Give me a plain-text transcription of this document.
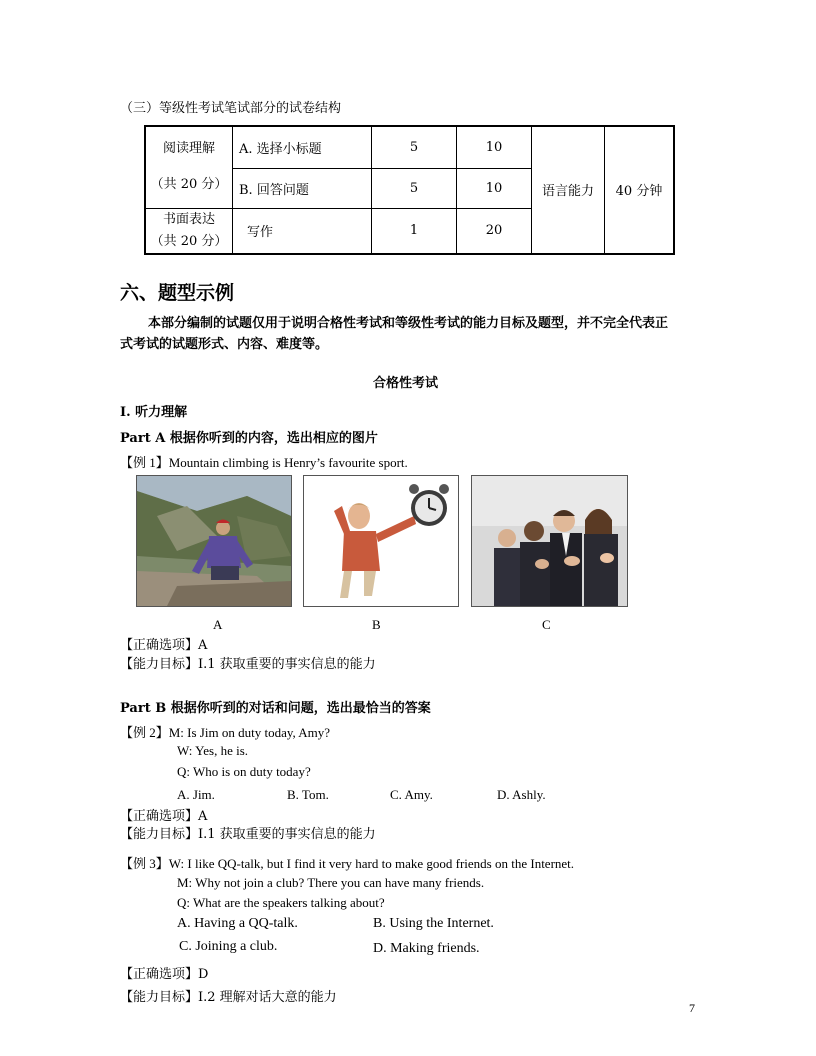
（三）等级性考试笔试部分的试卷结构
阅读理解
（共 20 分）	A. 选择小标题	5	10	语言能力	40 分钟
	B. 回答问题	5	10		

书面表达
（共 20 分）	写作	1	20		
六、题型示例
本部分编制的试题仅用于说明合格性考试和等级性考试的能力目标及题型，并不完全代表正
式考试的试题形式、内容、难度等。
合格性考试
I. 听力理解
Part A 根据你听到的内容，选出相应的图片
【例 1】Mountain climbing is Henry’s favourite sport.
A	B	C
【正确选项】A
【能力目标】I.1 获取重要的事实信息的能力
Part B 根据你听到的对话和问题，选出最恰当的答案
【例 2】M: Is Jim on duty today, Amy?
W: Yes, he is.
Q: Who is on duty today?
A. Jim.	B. Tom.	C. Amy.	D. Ashly.
【正确选项】A
【能力目标】I.1 获取重要的事实信息的能力
【例 3】W: I like QQ-talk, but I find it very hard to make good friends on the Internet.
M: Why not join a club? There you can have many friends.
Q: What are the speakers talking about?
A. Having a QQ-talk.	B. Using the Internet.
C. Joining a club.	D. Making friends.
【正确选项】D
【能力目标】I.2 理解对话大意的能力
7
